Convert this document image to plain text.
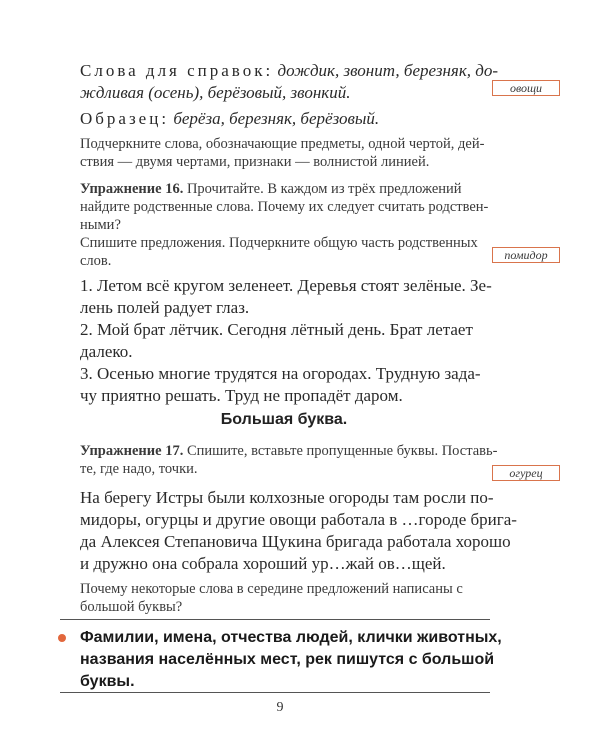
Слова для справок: дождик, звонит, березняк, до-
ждливая (осень), берёзовый, звонкий.	овощи
Образец: берёза, березняк, берёзовый.
Подчеркните слова, обозначающие предметы, одной чертой, дей-
ствия — двумя чертами, признаки — волнистой линией.
Упражнение 16. Прочитайте. В каждом из трёх предложений
найдите родственные слова. Почему их следует считать родствен-
ными?
Спишите предложения. Подчеркните общую часть родственных
слов.	помидор
1. Летом всё кругом зеленеет. Деревья стоят зелёные. Зе-
лень полей радует глаз.
2. Мой брат лётчик. Сегодня лётный день. Брат летает
далеко.
3. Осенью многие трудятся на огородах. Трудную зада-
чу приятно решать. Труд не пропадёт даром.
Большая буква.
Упражнение 17. Спишите, вставьте пропущенные буквы. Поставь-
те, где надо, точки.	огурец
На берегу Истры были колхозные огороды там росли по-
мидоры, огурцы и другие овощи работала в …городе брига-
да Алексея Степановича Щукина бригада работала хорошо
и дружно она собрала хороший ур…жай ов…щей.
Почему некоторые слова в середине предложений написаны с
большой буквы?
Фамилии, имена, отчества людей, клички животных,
названия населённых мест, рек пишутся с большой
буквы.
9
